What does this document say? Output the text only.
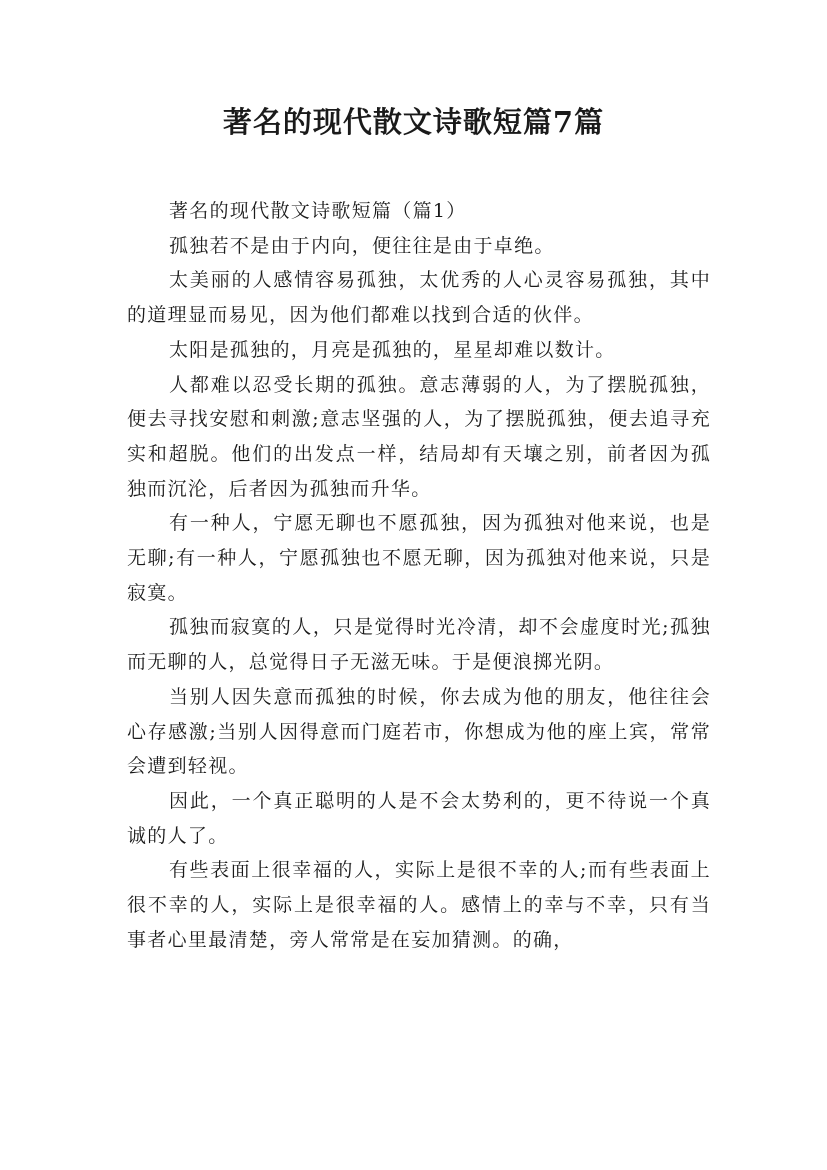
著名的现代散文诗歌短篇7篇

著名的现代散文诗歌短篇（篇1）

孤独若不是由于内向，便往往是由于卓绝。

太美丽的人感情容易孤独，太优秀的人心灵容易孤独，其中的道理显而易见，因为他们都难以找到合适的伙伴。

太阳是孤独的，月亮是孤独的，星星却难以数计。

人都难以忍受长期的孤独。意志薄弱的人，为了摆脱孤独，便去寻找安慰和刺激;意志坚强的人，为了摆脱孤独，便去追寻充实和超脱。他们的出发点一样，结局却有天壤之别，前者因为孤独而沉沦，后者因为孤独而升华。

有一种人，宁愿无聊也不愿孤独，因为孤独对他来说，也是无聊;有一种人，宁愿孤独也不愿无聊，因为孤独对他来说，只是寂寞。

孤独而寂寞的人，只是觉得时光冷清，却不会虚度时光;孤独而无聊的人，总觉得日子无滋无味。于是便浪掷光阴。

当别人因失意而孤独的时候，你去成为他的朋友，他往往会心存感激;当别人因得意而门庭若市，你想成为他的座上宾，常常会遭到轻视。

因此，一个真正聪明的人是不会太势利的，更不待说一个真诚的人了。

有些表面上很幸福的人，实际上是很不幸的人;而有些表面上很不幸的人，实际上是很幸福的人。感情上的幸与不幸，只有当事者心里最清楚，旁人常常是在妄加猜测。的确，
